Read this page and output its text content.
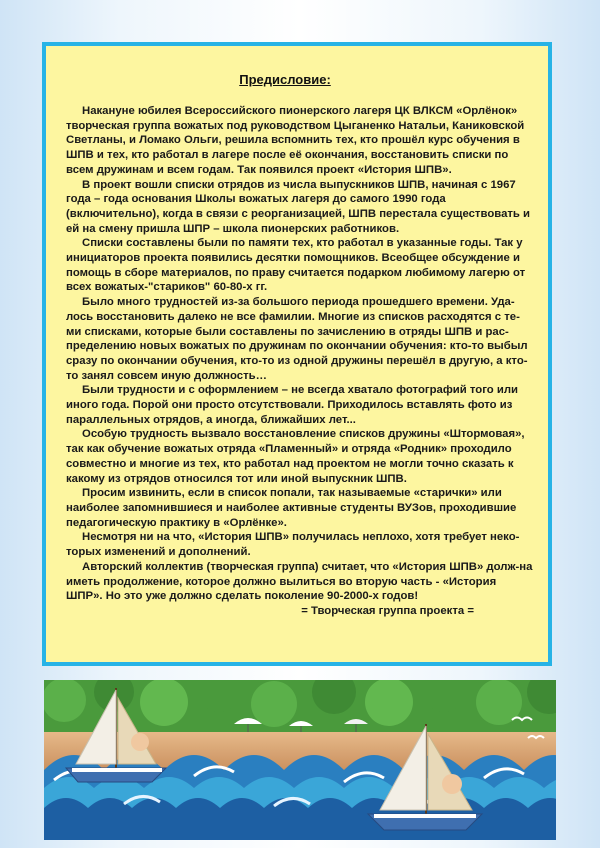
Предисловие:

Накануне юбилея Всероссийского пионерского лагеря ЦК ВЛКСМ «Орлёнок» творческая группа вожатых под руководством Цыганенко Натальи, Каниковской Светланы, и Ломако Ольги, решила вспомнить тех, кто прошёл курс обучения в ШПВ и тех, кто работал в лагере после её окончания, восстановить списки по всем дружинам и всем годам. Так появился проект «История ШПВ».

В проект вошли списки отрядов из числа выпускников ШПВ, начиная с 1967 года – года основания Школы вожатых лагеря до самого 1990 года (включительно), когда в связи с реорганизацией, ШПВ перестала существовать и ей на смену пришла ШПР – школа пионерских работников.

Списки составлены были по памяти тех, кто работал в указанные годы. Так у инициаторов проекта появились десятки помощников. Всеобщее обсуждение и помощь в сборе материалов, по праву считается подарком любимому лагерю от всех вожатых-"стариков" 60-80-х гг.

Было много трудностей из-за большого периода прошедшего времени. Уда-лось восстановить далеко не все фамилии. Многие из списков расходятся с те-ми списками, которые были составлены по зачислению в отряды ШПВ и рас-пределению новых вожатых по дружинам по окончании обучения: кто-то выбыл сразу по окончании обучения, кто-то из одной дружины перешёл в другую, а кто-то занял совсем иную должность…

Были трудности и с оформлением – не всегда хватало фотографий того или иного года. Порой они просто отсутствовали. Приходилось вставлять фото из параллельных отрядов, а иногда, ближайших лет...

Особую трудность вызвало восстановление списков дружины «Штормовая», так как обучение вожатых отряда «Пламенный» и отряда «Родник» проходило совместно и многие из тех, кто работал над проектом не могли точно сказать к какому из отрядов относился тот или иной выпускник ШПВ.

Просим извинить, если в список попали, так называемые «старички» или наиболее запомнившиеся и наиболее активные студенты ВУЗов, проходившие педагогическую практику в «Орлёнке».

Несмотря ни на что, «История ШПВ» получилась неплохо, хотя требует неко-торых изменений и дополнений.

Авторский коллектив (творческая группа) считает, что «История ШПВ» долж-на иметь продолжение, которое должно вылиться во вторую часть - «История ШПР». Но это уже должно сделать поколение 90-2000-х годов!

= Творческая группа проекта =
